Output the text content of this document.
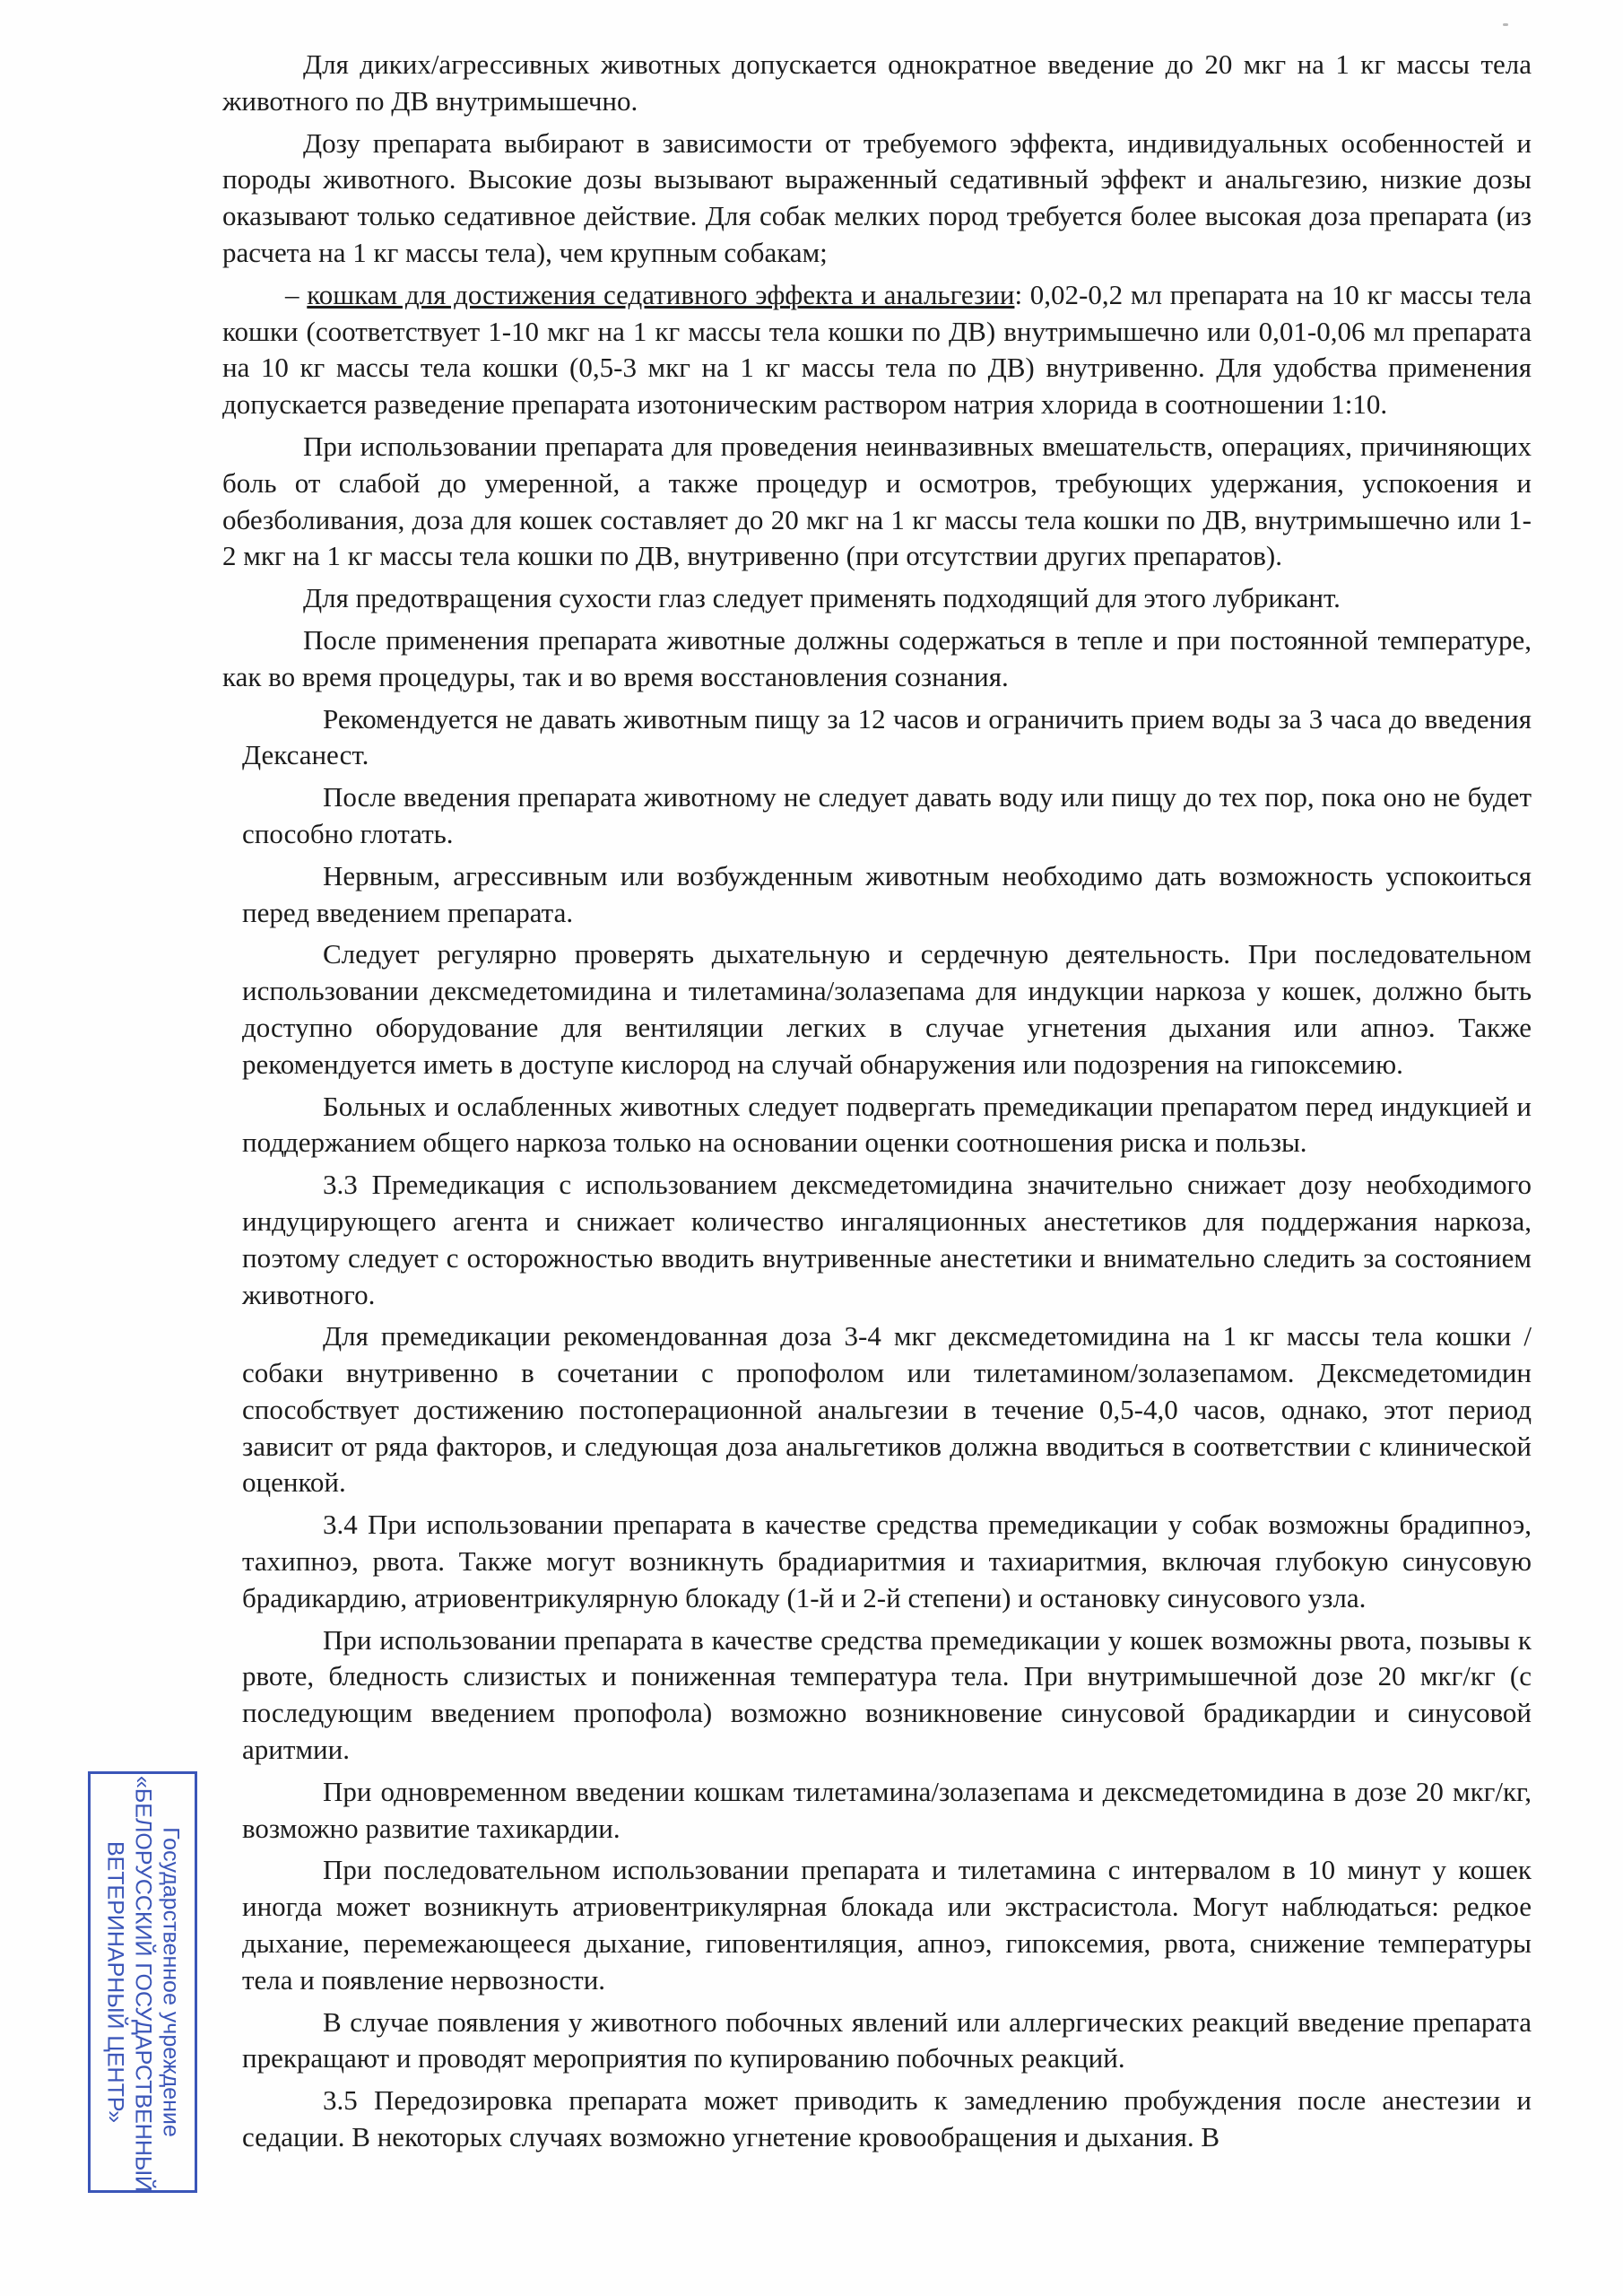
Для диких/агрессивных животных допускается однократное введение до 20 мкг на 1 кг массы тела животного по ДВ внутримышечно.

Дозу препарата выбирают в зависимости от требуемого эффекта, индивидуальных особенностей и породы животного. Высокие дозы вызывают выраженный седативный эффект и анальгезию, низкие дозы оказывают только седативное действие. Для собак мелких пород требуется более высокая доза препарата (из расчета на 1 кг массы тела), чем крупным собакам;

– кошкам для достижения седативного эффекта и анальгезии: 0,02-0,2 мл препарата на 10 кг массы тела кошки (соответствует 1-10 мкг на 1 кг массы тела кошки по ДВ) внутримышечно или 0,01-0,06 мл препарата на 10 кг массы тела кошки (0,5-3 мкг на 1 кг массы тела по ДВ) внутривенно. Для удобства применения допускается разведение препарата изотоническим раствором натрия хлорида в соотношении 1:10.

При использовании препарата для проведения неинвазивных вмешательств, операциях, причиняющих боль от слабой до умеренной, а также процедур и осмотров, требующих удержания, успокоения и обезболивания, доза для кошек составляет до 20 мкг на 1 кг массы тела кошки по ДВ, внутримышечно или 1-2 мкг на 1 кг массы тела кошки по ДВ, внутривенно (при отсутствии других препаратов).

Для предотвращения сухости глаз следует применять подходящий для этого лубрикант.

После применения препарата животные должны содержаться в тепле и при постоянной температуре, как во время процедуры, так и во время восстановления сознания.

Рекомендуется не давать животным пищу за 12 часов и ограничить прием воды за 3 часа до введения Дексанест.

После введения препарата животному не следует давать воду или пищу до тех пор, пока оно не будет способно глотать.

Нервным, агрессивным или возбужденным животным необходимо дать возможность успокоиться перед введением препарата.

Следует регулярно проверять дыхательную и сердечную деятельность. При последовательном использовании дексмедетомидина и тилетамина/золазепама для индукции наркоза у кошек, должно быть доступно оборудование для вентиляции легких в случае угнетения дыхания или апноэ. Также рекомендуется иметь в доступе кислород на случай обнаружения или подозрения на гипоксемию.

Больных и ослабленных животных следует подвергать премедикации препаратом перед индукцией и поддержанием общего наркоза только на основании оценки соотношения риска и пользы.

3.3 Премедикация с использованием дексмедетомидина значительно снижает дозу необходимого индуцирующего агента и снижает количество ингаляционных анестетиков для поддержания наркоза, поэтому следует с осторожностью вводить внутривенные анестетики и внимательно следить за состоянием животного.

Для премедикации рекомендованная доза 3-4 мкг дексмедетомидина на 1 кг массы тела кошки /собаки внутривенно в сочетании с пропофолом или тилетамином/золазепамом. Дексмедетомидин способствует достижению постоперационной анальгезии в течение 0,5-4,0 часов, однако, этот период зависит от ряда факторов, и следующая доза анальгетиков должна вводиться в соответствии с клинической оценкой.

3.4 При использовании препарата в качестве средства премедикации у собак возможны брадипноэ, тахипноэ, рвота. Также могут возникнуть брадиаритмия и тахиаритмия, включая глубокую синусовую брадикардию, атриовентрикулярную блокаду (1-й и 2-й степени) и остановку синусового узла.

При использовании препарата в качестве средства премедикации у кошек возможны рвота, позывы к рвоте, бледность слизистых и пониженная температура тела. При внутримышечной дозе 20 мкг/кг (с последующим введением пропофола) возможно возникновение синусовой брадикардии и синусовой аритмии.

При одновременном введении кошкам тилетамина/золазепама и дексмедетомидина в дозе 20 мкг/кг, возможно развитие тахикардии.

При последовательном использовании препарата и тилетамина с интервалом в 10 минут у кошек иногда может возникнуть атриовентрикулярная блокада или экстрасистола. Могут наблюдаться: редкое дыхание, перемежающееся дыхание, гиповентиляция, апноэ, гипоксемия, рвота, снижение температуры тела и появление нервозности.

В случае появления у животного побочных явлений или аллергических реакций введение препарата прекращают и проводят мероприятия по купированию побочных реакций.

3.5 Передозировка препарата может приводить к замедлению пробуждения после анестезии и седации. В некоторых случаях возможно угнетение кровообращения и дыхания. В

Государственное учреждение
«БЕЛОРУССКИЙ ГОСУДАРСТВЕННЫЙ
ВЕТЕРИНАРНЫЙ ЦЕНТР»
